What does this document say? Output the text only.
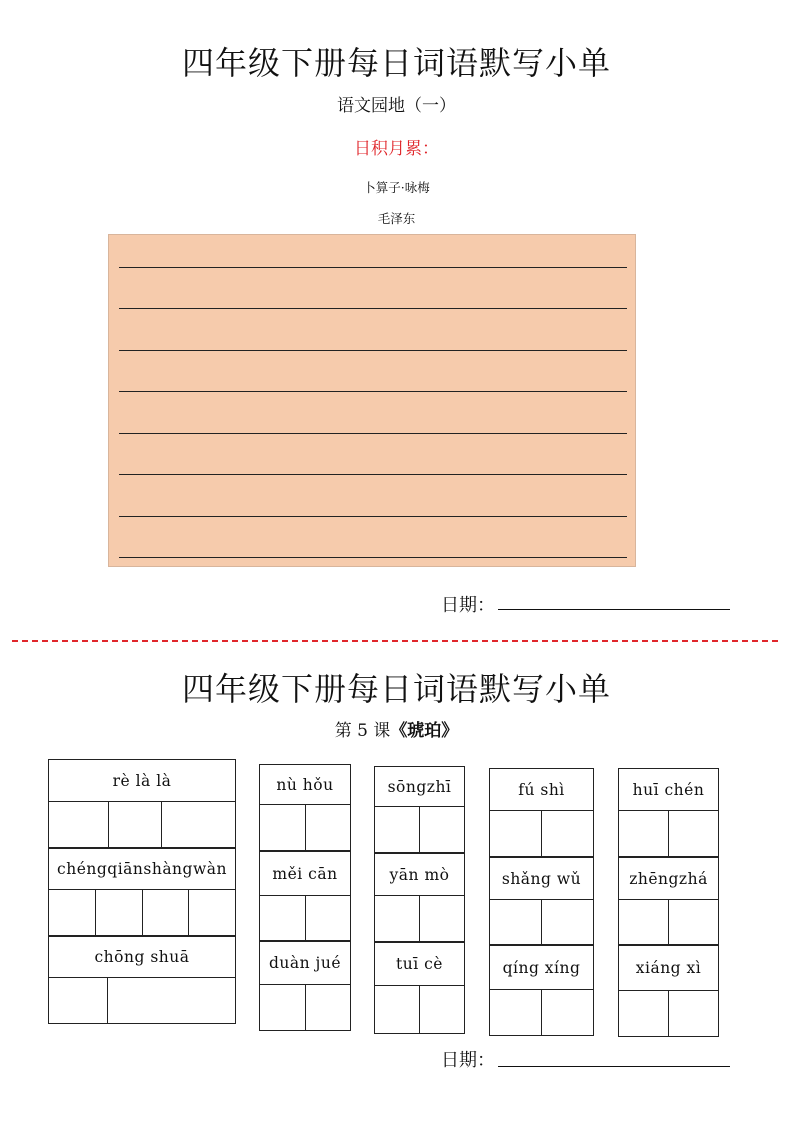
四年级下册每日词语默写小单
语文园地（一）
日积月累：
卜算子·咏梅
毛泽东
日期：
四年级下册每日词语默写小单
第 5 课《琥珀》
rè là là
chéngqiānshàngwàn
chōng shuā
nù hǒu
měi cān
duàn jué
sōngzhī
yān mò
tuī cè
fú shì
shǎng wǔ
qíng xíng
huī chén
zhēngzhá
xiáng xì
日期：
